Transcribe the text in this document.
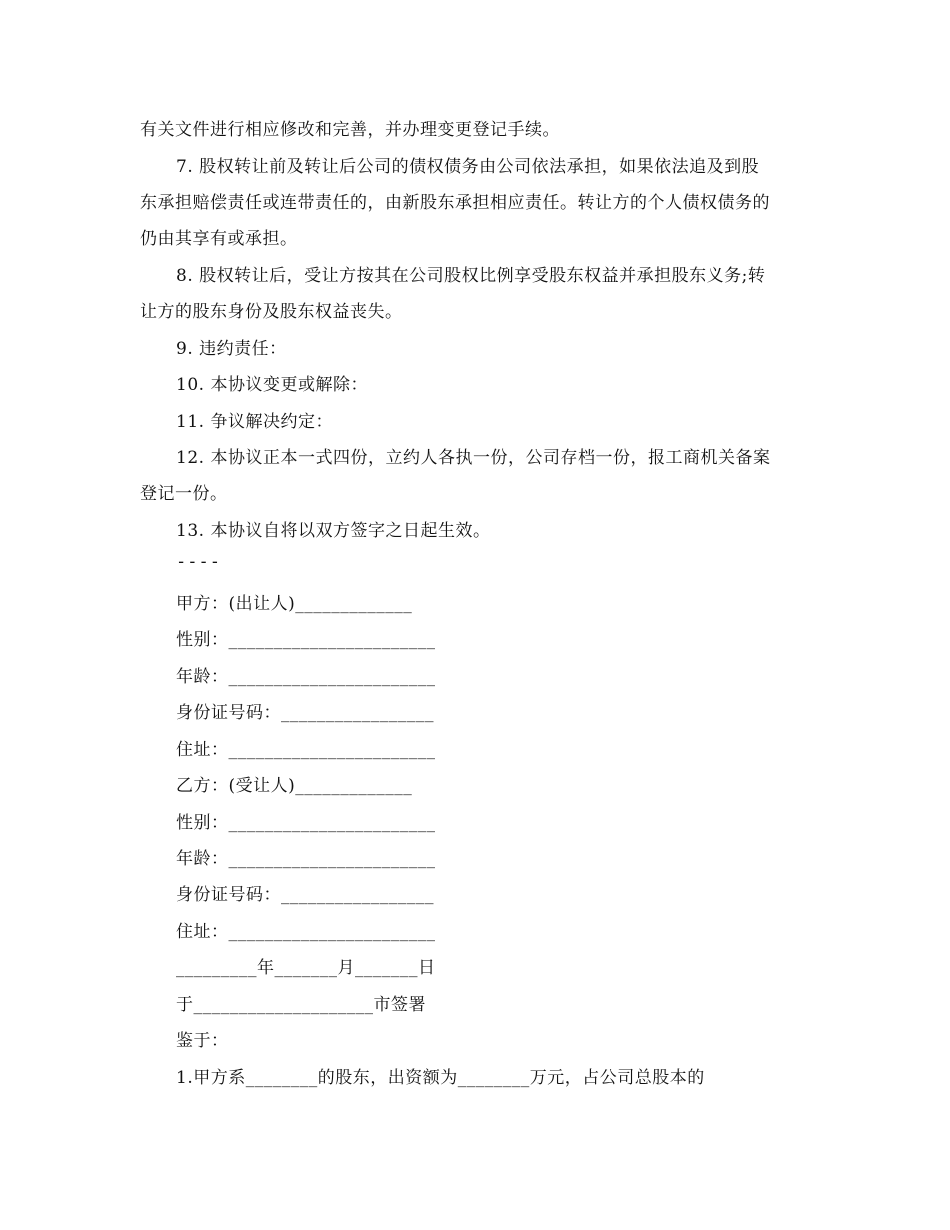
有关文件进行相应修改和完善，并办理变更登记手续。
7. 股权转让前及转让后公司的债权债务由公司依法承担，如果依法追及到股
东承担赔偿责任或连带责任的，由新股东承担相应责任。转让方的个人债权债务的
仍由其享有或承担。
8. 股权转让后，受让方按其在公司股权比例享受股东权益并承担股东义务;转
让方的股东身份及股东权益丧失。
9. 违约责任：
10. 本协议变更或解除：
11. 争议解决约定：
12. 本协议正本一式四份，立约人各执一份，公司存档一份，报工商机关备案
登记一份。
13. 本协议自将以双方签字之日起生效。
----
甲方：(出让人)_____________
性别：_______________________
年龄：_______________________
身份证号码：_________________
住址：_______________________
乙方：(受让人)_____________
性别：_______________________
年龄：_______________________
身份证号码：_________________
住址：_______________________
_________年_______月_______日
于____________________市签署
鉴于：
1.甲方系________的股东，出资额为________万元，占公司总股本的
